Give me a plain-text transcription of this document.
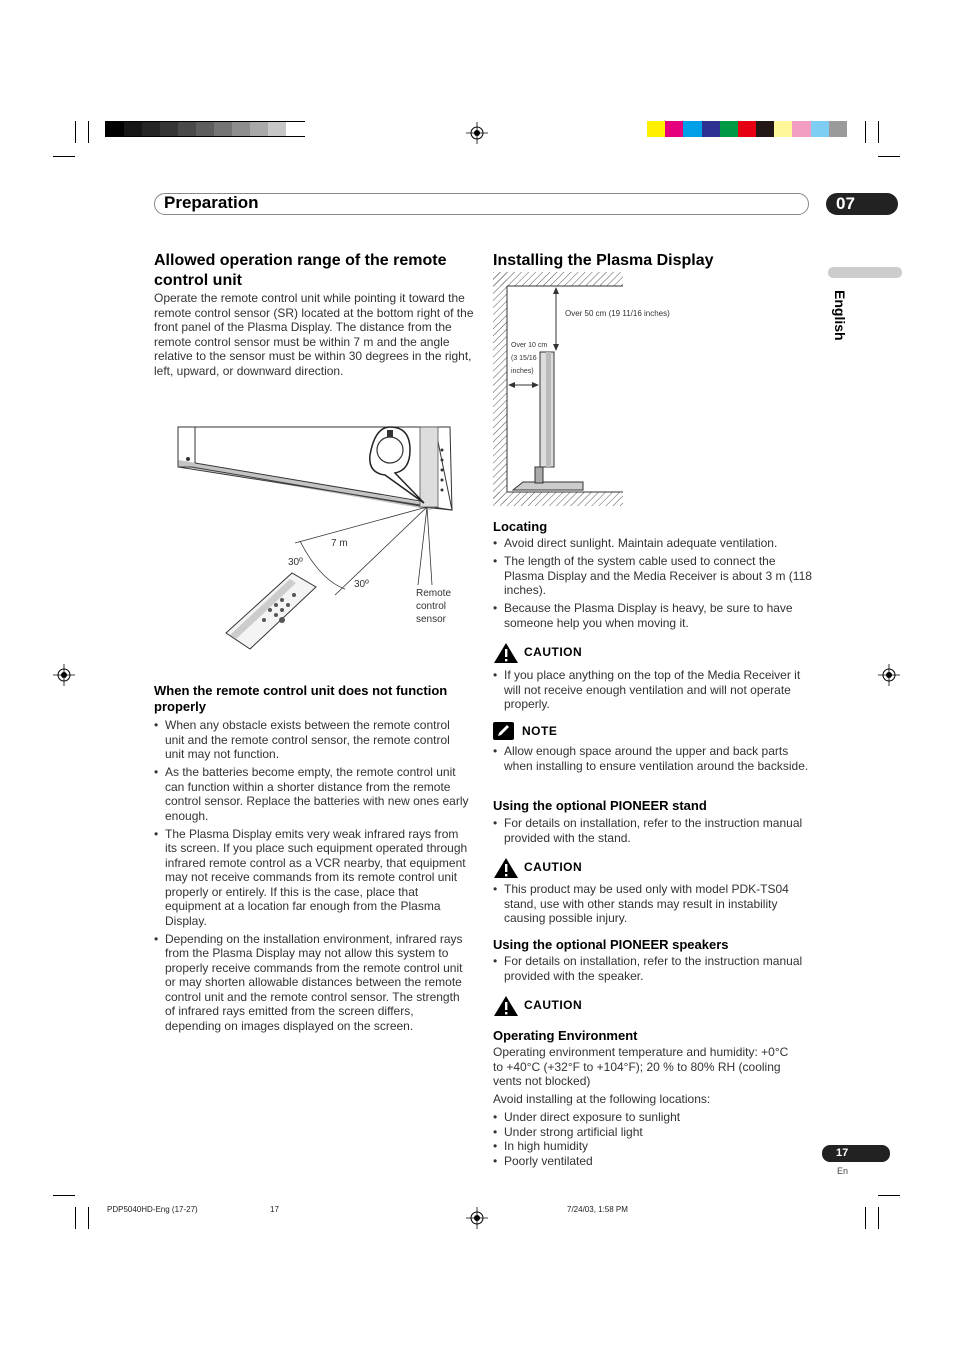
Preparation	07
English
Allowed operation range of the remote control unit

Operate the remote control unit while pointing it toward the remote control sensor (SR) located at the bottom right of the front panel of the Plasma Display. The distance from the remote control sensor must be within 7 m and the angle relative to the sensor must be within 30 degrees in the right, left, upward, or downward direction.

7 m
30º
30º
Remote
control
sensor
When the remote control unit does not function properly
• When any obstacle exists between the remote control unit and the remote control sensor, the remote control unit may not function.
• As the batteries become empty, the remote control unit can function within a shorter distance from the remote control sensor. Replace the batteries with new ones early enough.
• The Plasma Display emits very weak infrared rays from its screen. If you place such equipment operated through infrared remote control as a VCR nearby, that equipment may not receive commands from its remote control unit properly or entirely. If this is the case, place that equipment at a location far enough from the Plasma Display.
• Depending on the installation environment, infrared rays from the Plasma Display may not allow this system to properly receive commands from the remote control unit or may shorten allowable distances between the remote control unit and the remote control sensor. The strength of infrared rays emitted from the screen differs, depending on images displayed on the screen.
Installing the Plasma Display
Over 50 cm (19 11/16 inches)
Over 10 cm
(3 15/16
inches)
Locating
• Avoid direct sunlight. Maintain adequate ventilation.
• The length of the system cable used to connect the Plasma Display and the Media Receiver is about 3 m (118 inches).
• Because the Plasma Display is heavy, be sure to have someone help you when moving it.
CAUTION
• If you place anything on the top of the Media Receiver it will not receive enough ventilation and will not operate properly.
NOTE
• Allow enough space around the upper and back parts when installing to ensure ventilation around the backside.
Using the optional PIONEER stand
• For details on installation, refer to the instruction manual provided with the stand.
CAUTION
• This product may be used only with model PDK-TS04 stand, use with other stands may result in instability causing possible injury.
Using the optional PIONEER speakers
• For details on installation, refer to the instruction manual provided with the speaker.
CAUTION
Operating Environment

Operating environment temperature and humidity: +0°C to +40°C (+32°F to +104°F); 20 % to 80% RH (cooling vents not blocked)

Avoid installing at the following locations:

• Under direct exposure to sunlight
• Under strong artificial light
• In high humidity
• Poorly ventilated
17
En
PDP5040HD-Eng (17-27)	17	7/24/03, 1:58 PM
